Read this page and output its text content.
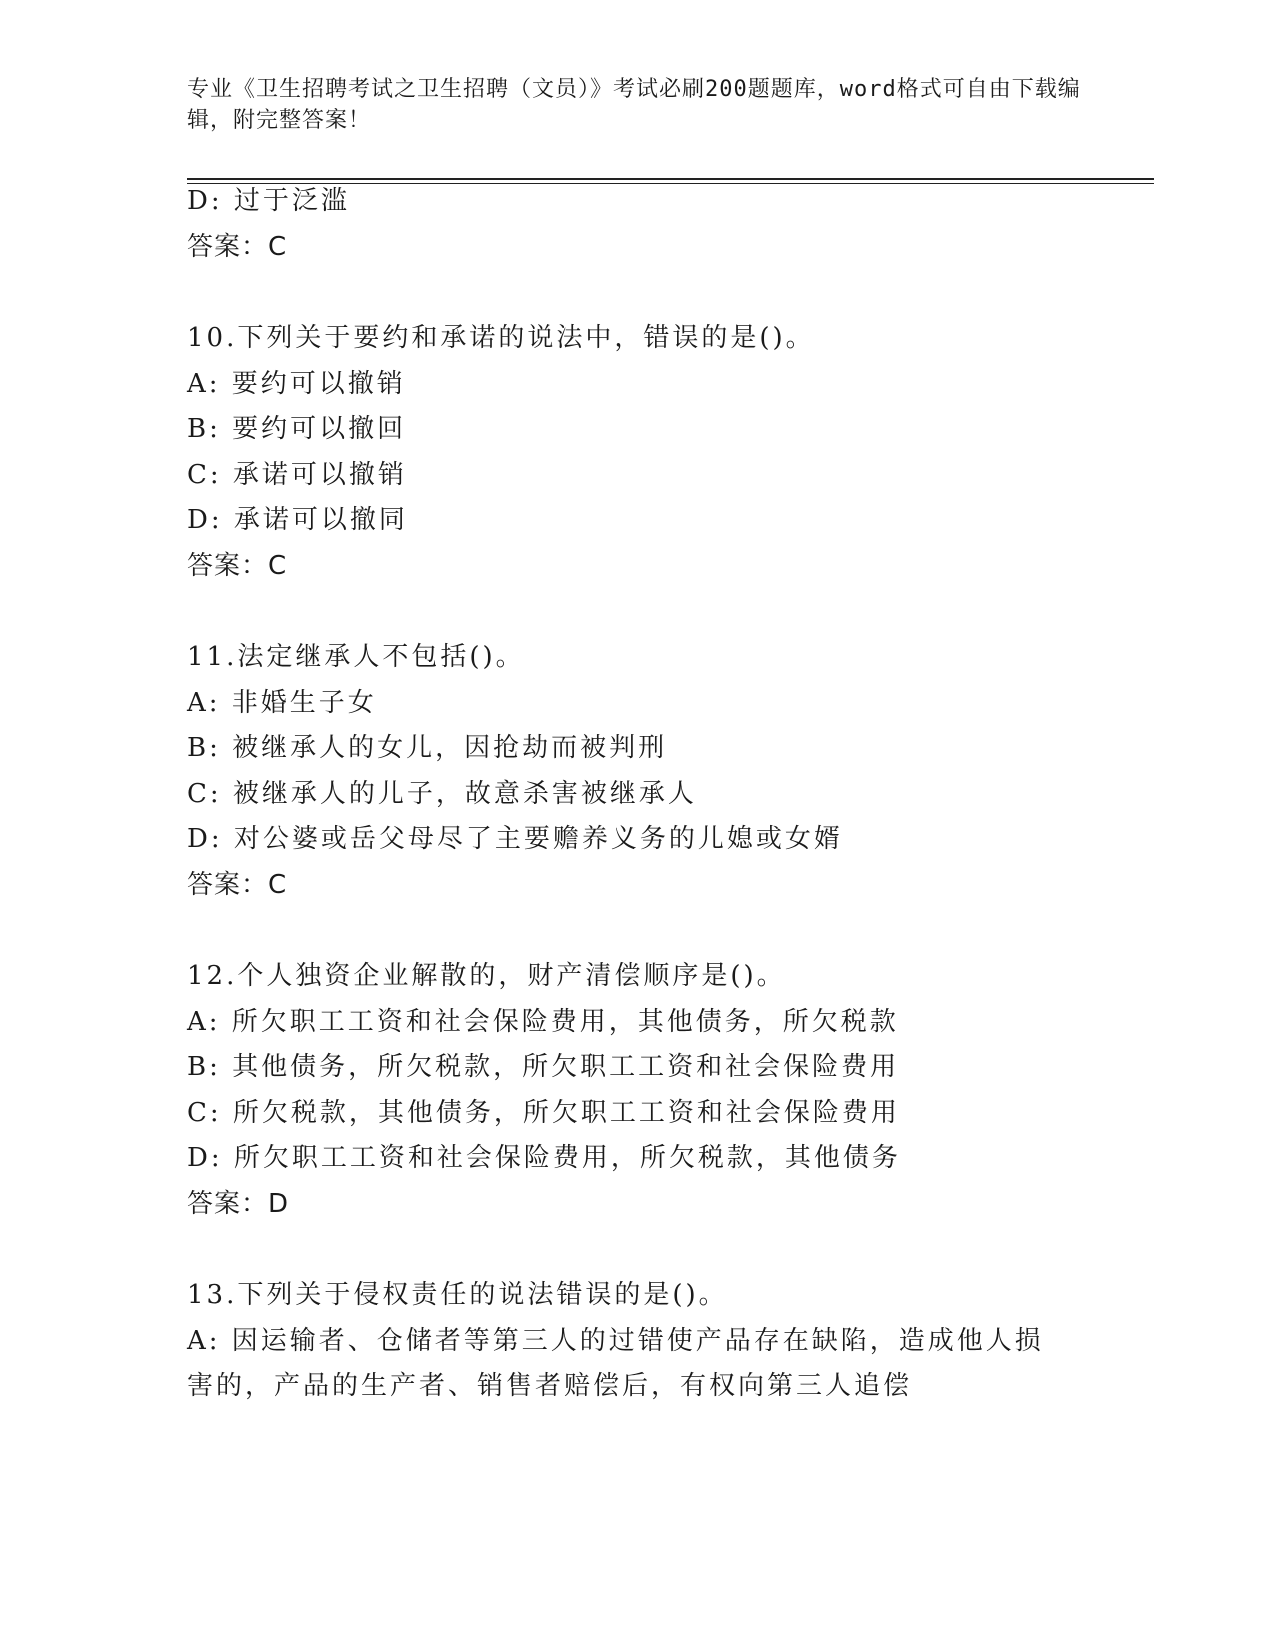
专业《卫生招聘考试之卫生招聘（文员）》考试必刷200题题库，word格式可自由下载编辑，附完整答案！
D: 过于泛滥
答案：C
10.下列关于要约和承诺的说法中，错误的是()。
A: 要约可以撤销
B: 要约可以撤回
C: 承诺可以撤销
D: 承诺可以撤同
答案：C
11.法定继承人不包括()。
A: 非婚生子女
B: 被继承人的女儿，因抢劫而被判刑
C: 被继承人的儿子，故意杀害被继承人
D: 对公婆或岳父母尽了主要赡养义务的儿媳或女婿
答案：C
12.个人独资企业解散的，财产清偿顺序是()。
A: 所欠职工工资和社会保险费用，其他债务，所欠税款
B: 其他债务，所欠税款，所欠职工工资和社会保险费用
C: 所欠税款，其他债务，所欠职工工资和社会保险费用
D: 所欠职工工资和社会保险费用，所欠税款，其他债务
答案：D
13.下列关于侵权责任的说法错误的是()。
A: 因运输者、仓储者等第三人的过错使产品存在缺陷，造成他人损害的，产品的生产者、销售者赔偿后，有权向第三人追偿
